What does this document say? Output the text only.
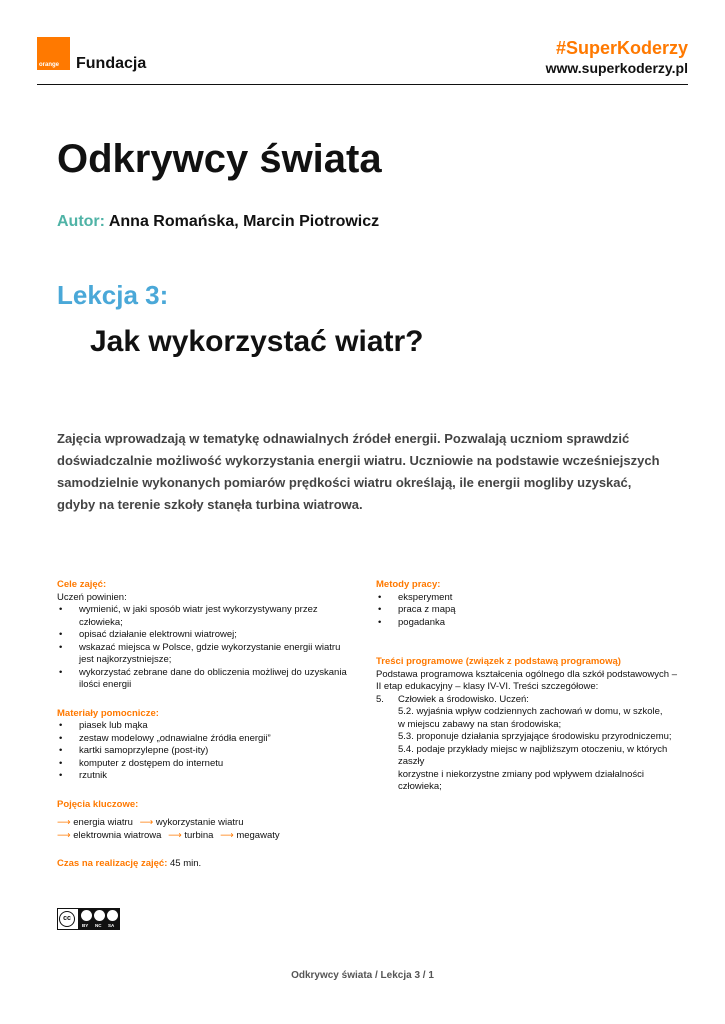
orange Fundacja
#SuperKoderzy
www.superkoderzy.pl
Odkrywcy świata
Autor: Anna Romańska, Marcin Piotrowicz
Lekcja 3:
Jak wykorzystać wiatr?
Zajęcia wprowadzają w tematykę odnawialnych źródeł energii. Pozwalają uczniom sprawdzić doświadczalnie możliwość wykorzystania energii wiatru. Uczniowie na podstawie wcześniejszych samodzielnie wykonanych pomiarów prędkości wiatru określają, ile energii mogliby uzyskać, gdyby na terenie szkoły stanęła turbina wiatrowa.

Cele zajęć:

Uczeń powinien:
• wymienić, w jaki sposób wiatr jest wykorzystywany przez człowieka;
• opisać działanie elektrowni wiatrowej;
• wskazać miejsca w Polsce, gdzie wykorzystanie energii wiatru jest najkorzystniejsze;
• wykorzystać zebrane dane do obliczenia możliwej do uzyskania ilości energii

Materiały pomocnicze:

• piasek lub mąka
• zestaw modelowy „odnawialne źródła energii”
• kartki samoprzylepne (post-ity)
• komputer z dostępem do internetu
• rzutnik

Pojęcia kluczowe:

⟶ energia wiatru ⟶ wykorzystanie wiatru
⟶ elektrownia wiatrowa ⟶ turbina ⟶ megawaty
Czas na realizację zajęć: 45 min.

Metody pracy:

• eksperyment
• praca z mapą
• pogadanka

Treści programowe (związek z podstawą programową)

Podstawa programowa kształcenia ogólnego dla szkół podstawowych –
II etap edukacyjny – klasy IV-VI. Treści szczegółowe:
5. Człowiek a środowisko. Uczeń:
5.2. wyjaśnia wpływ codziennych zachowań w domu, w szkole,
w miejscu zabawy na stan środowiska;
5.3. proponuje działania sprzyjające środowisku przyrodniczemu;
5.4. podaje przykłady miejsc w najbliższym otoczeniu, w których zaszły
korzystne i niekorzystne zmiany pod wpływem działalności człowieka;
cc
BY NC SA
Odkrywcy świata / Lekcja 3 / 1
